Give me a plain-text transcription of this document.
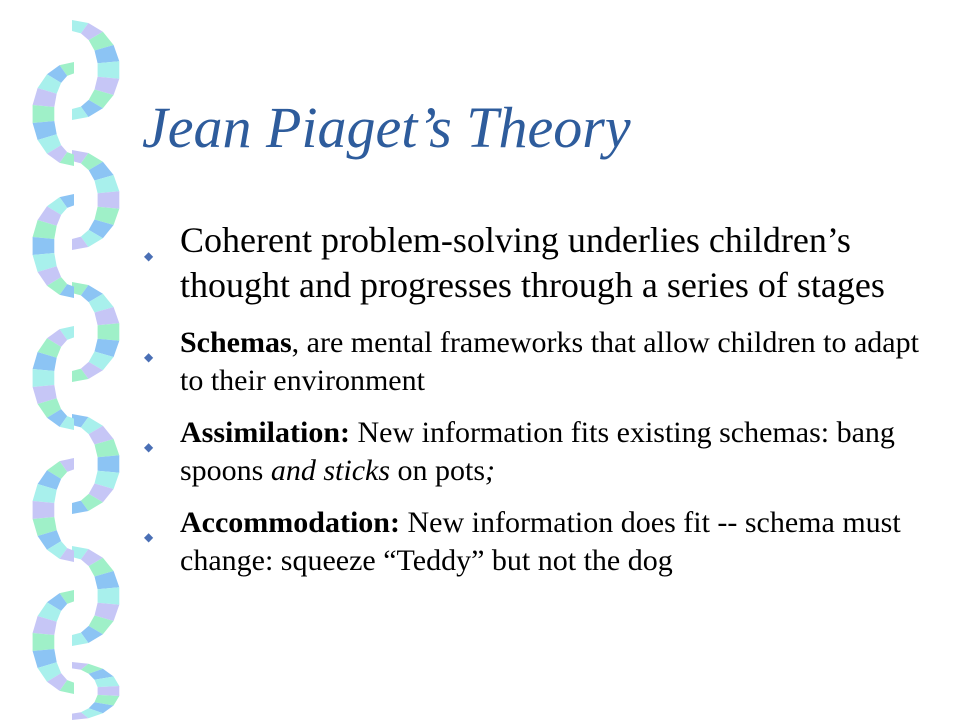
Jean Piaget’s Theory
◆ Coherent problem-solving underlies children’s thought and progresses through a series of stages
◆ Schemas, are mental frameworks that allow children to adapt to their environment
◆ Assimilation: New information fits existing schemas: bang spoons and sticks on pots;
◆ Accommodation: New information does fit -- schema must change: squeeze “Teddy” but not the dog
